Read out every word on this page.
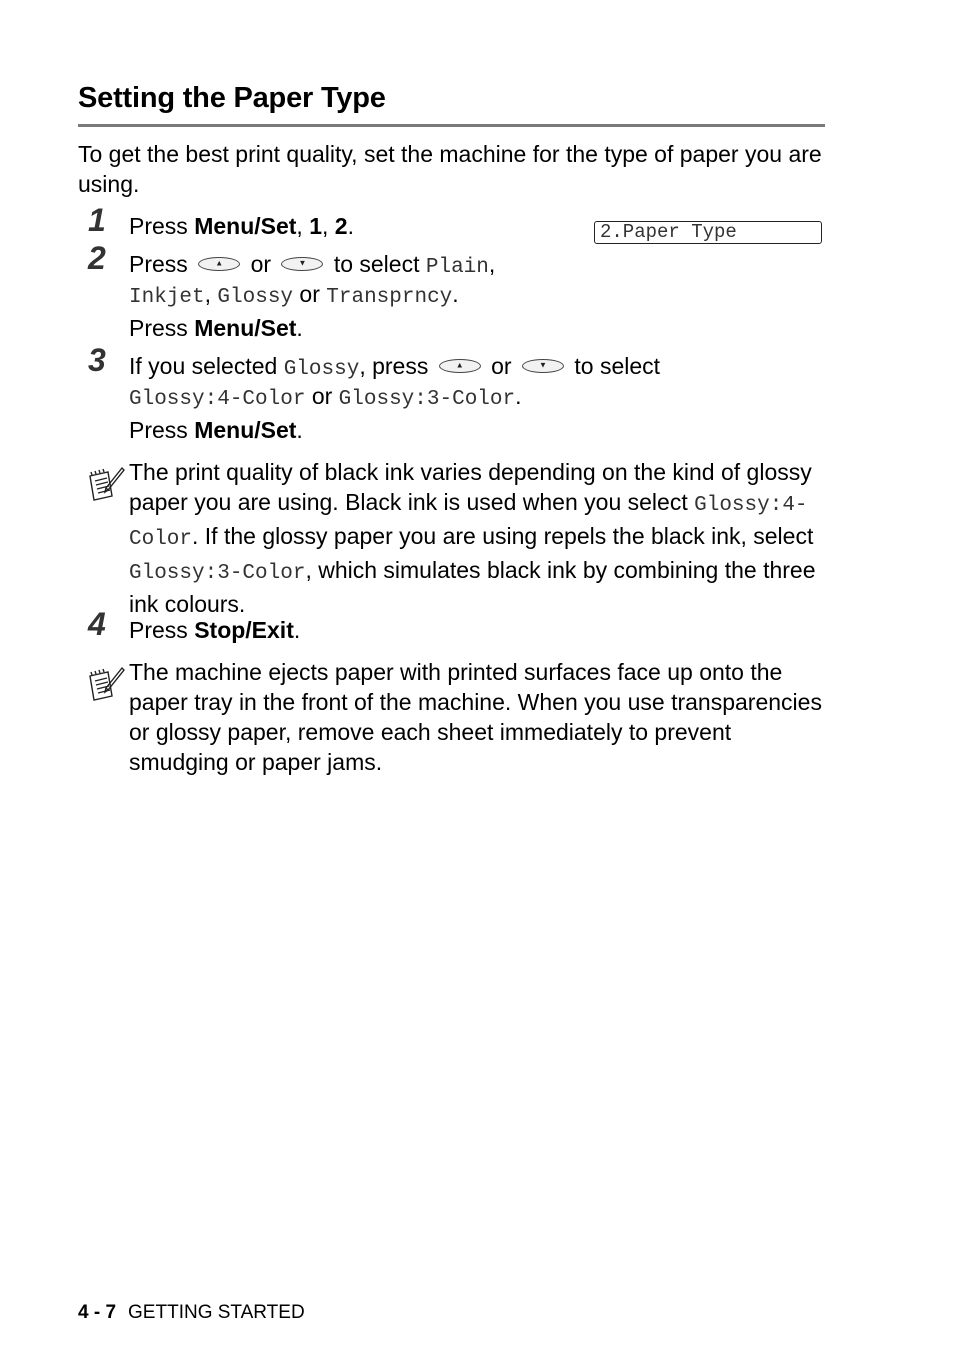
Setting the Paper Type
To get the best print quality, set the machine for the type of paper you are using.
2.Paper Type
1 Press Menu/Set, 1, 2.
2 Press	▲ or	▼ to select Plain,
Inkjet, Glossy or Transprncy.
Press Menu/Set.
3 If you selected Glossy, press	▲ or	▼ to select
Glossy:4-Color or Glossy:3-Color.
Press Menu/Set.
The print quality of black ink varies depending on the kind of glossy paper you are using. Black ink is used when you select Glossy:4-Color. If the glossy paper you are using repels the black ink, select Glossy:3-Color, which simulates black ink by combining the three ink colours.
4 Press Stop/Exit.
The machine ejects paper with printed surfaces face up onto the paper tray in the front of the machine. When you use transparencies or glossy paper, remove each sheet immediately to prevent smudging or paper jams.
4 - 7 GETTING STARTED
